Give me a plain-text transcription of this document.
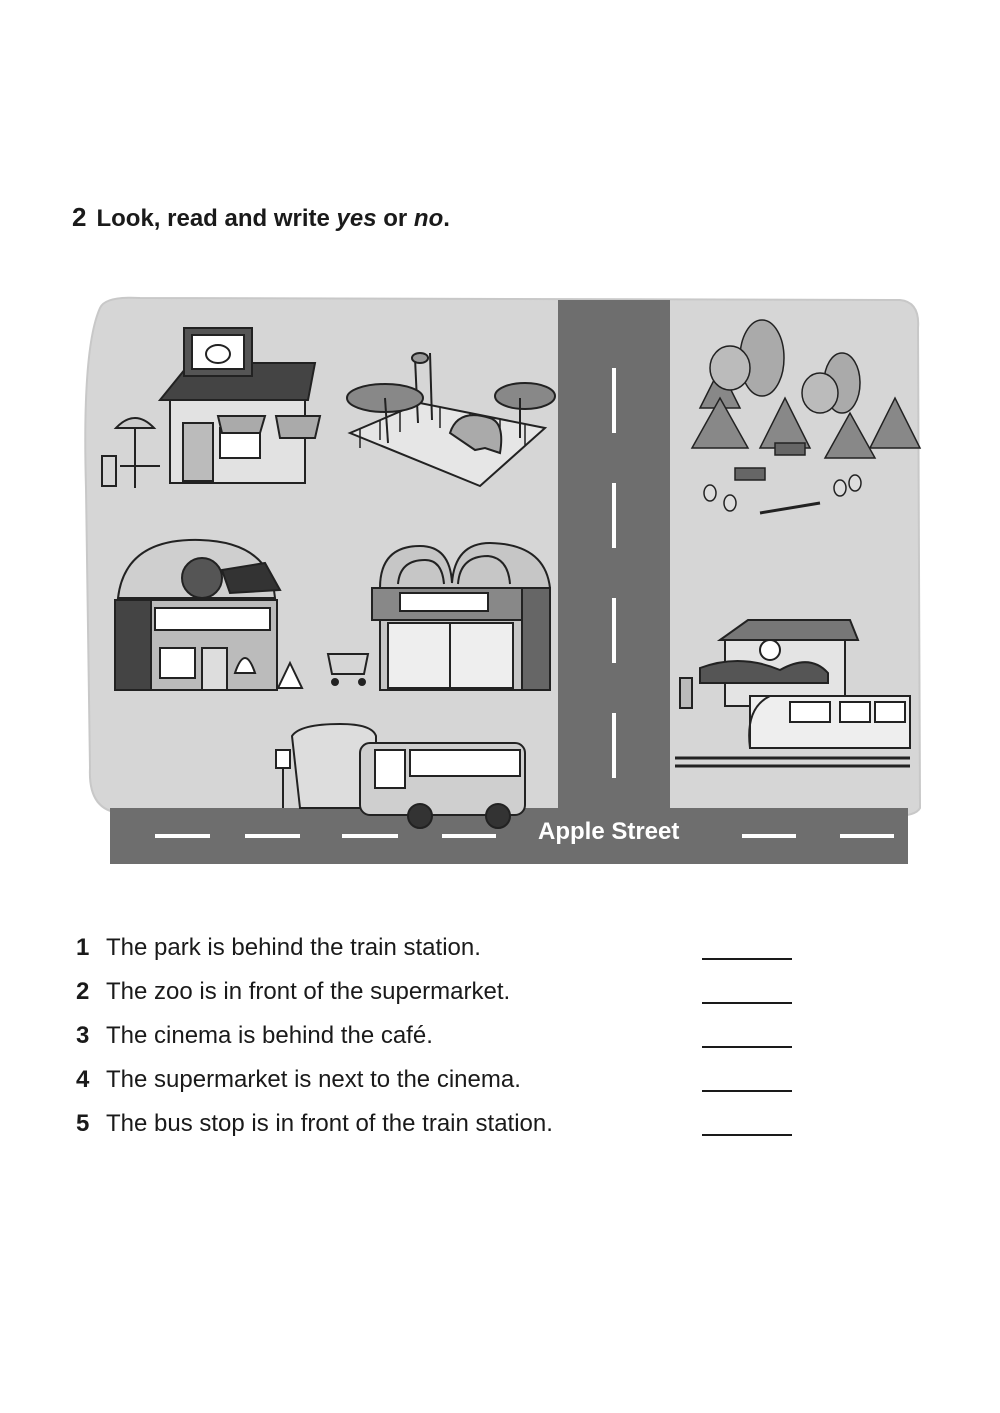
2 Look, read and write yes or no.
Apple Street
1 The park is behind the train station.
2 The zoo is in front of the supermarket.
3 The cinema is behind the café.
4 The supermarket is next to the cinema.
5 The bus stop is in front of the train station.
